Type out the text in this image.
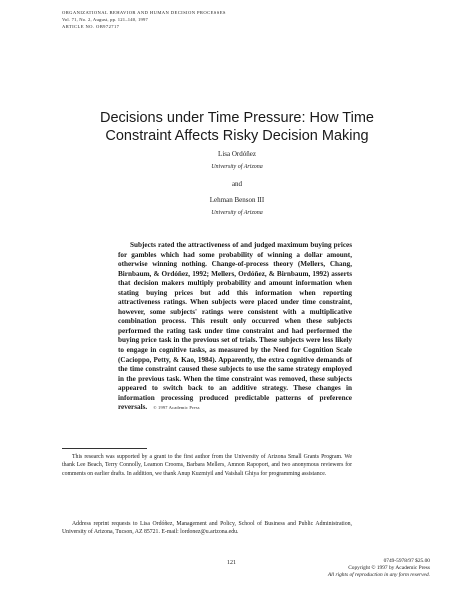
ORGANIZATIONAL BEHAVIOR AND HUMAN DECISION PROCESSES
Vol. 71, No. 2, August, pp. 121–140, 1997
ARTICLE NO. OB972717
Decisions under Time Pressure: How Time
Constraint Affects Risky Decision Making
Lisa Ordóñez
University of Arizona
and
Lehman Benson III
University of Arizona
Subjects rated the attractiveness of and judged maximum buying prices for gambles which had some probability of winning a dollar amount, otherwise winning nothing. Change-of-process theory (Mellers, Chang, Birnbaum, & Ordóñez, 1992; Mellers, Ordóñez, & Birnbaum, 1992) asserts that decision makers multiply probability and amount information when stating buying prices but add this information when reporting attractiveness ratings. When subjects were placed under time constraint, however, some subjects' ratings were consistent with a multiplicative combination process. This result only occurred when these subjects performed the rating task under time constraint and had performed the buying price task in the previous set of trials. These subjects were less likely to engage in cognitive tasks, as measured by the Need for Cognition Scale (Cacioppo, Petty, & Kao, 1984). Apparently, the extra cognitive demands of the time constraint caused these subjects to use the same strategy employed in the previous task. When the time constraint was removed, these subjects appeared to switch back to an additive strategy. These changes in information processing produced predictable patterns of preference reversals. © 1997 Academic Press
This research was supported by a grant to the first author from the University of Arizona Small Grants Program. We thank Lee Beach, Terry Connolly, Leamon Crooms, Barbara Mellers, Amnon Rapoport, and two anonymous reviewers for comments on earlier drafts. In addition, we thank Anup Kuzmiyil and Vaishali Ghiya for programming assistance.
Address reprint requests to Lisa Ordóñez, Management and Policy, School of Business and Public Administration, University of Arizona, Tucson, AZ 85721. E-mail: lordonez@u.arizona.edu.
121	0749-5978/97 $25.00
Copyright © 1997 by Academic Press
All rights of reproduction in any form reserved.
